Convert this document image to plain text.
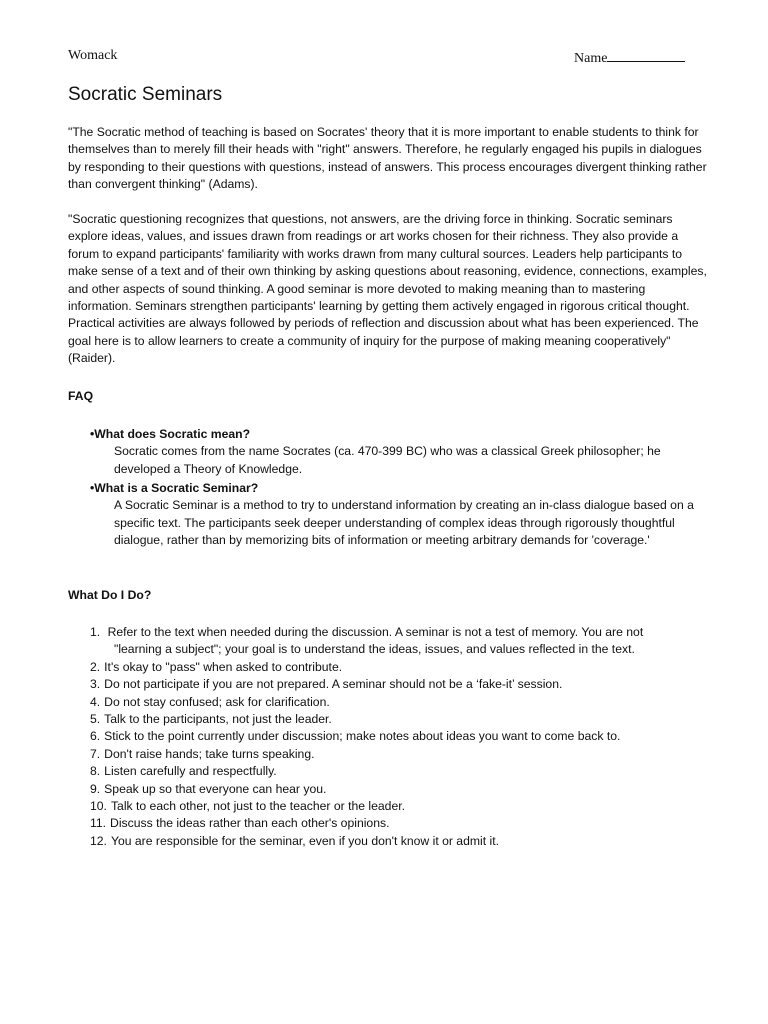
Womack	Name
Socratic Seminars
"The Socratic method of teaching is based on Socrates' theory that it is more important to enable students to think for themselves than to merely fill their heads with "right" answers. Therefore, he regularly engaged his pupils in dialogues by responding to their questions with questions, instead of answers. This process encourages divergent thinking rather than convergent thinking" (Adams).
"Socratic questioning recognizes that questions, not answers, are the driving force in thinking. Socratic seminars explore ideas, values, and issues drawn from readings or art works chosen for their richness. They also provide a forum to expand participants' familiarity with works drawn from many cultural sources. Leaders help participants to make sense of a text and of their own thinking by asking questions about reasoning, evidence, connections, examples, and other aspects of sound thinking. A good seminar is more devoted to making meaning than to mastering information. Seminars strengthen participants' learning by getting them actively engaged in rigorous critical thought. Practical activities are always followed by periods of reflection and discussion about what has been experienced. The goal here is to allow learners to create a community of inquiry for the purpose of making meaning cooperatively" (Raider).
FAQ
•What does Socratic mean?
Socratic comes from the name Socrates (ca. 470-399 BC) who was a classical Greek philosopher; he developed a Theory of Knowledge.
•What is a Socratic Seminar?
A Socratic Seminar is a method to try to understand information by creating an in-class dialogue based on a specific text. The participants seek deeper understanding of complex ideas through rigorously thoughtful dialogue, rather than by memorizing bits of information or meeting arbitrary demands for 'coverage.'
What Do I Do?
1. Refer to the text when needed during the discussion. A seminar is not a test of memory. You are not
"learning a subject"; your goal is to understand the ideas, issues, and values reflected in the text.
2. It's okay to "pass" when asked to contribute.
3. Do not participate if you are not prepared. A seminar should not be a ‘fake-it’ session.
4. Do not stay confused; ask for clarification.
5. Talk to the participants, not just the leader.
6. Stick to the point currently under discussion; make notes about ideas you want to come back to.
7. Don't raise hands; take turns speaking.
8. Listen carefully and respectfully.
9. Speak up so that everyone can hear you.
10. Talk to each other, not just to the teacher or the leader.
11. Discuss the ideas rather than each other's opinions.
12. You are responsible for the seminar, even if you don't know it or admit it.
